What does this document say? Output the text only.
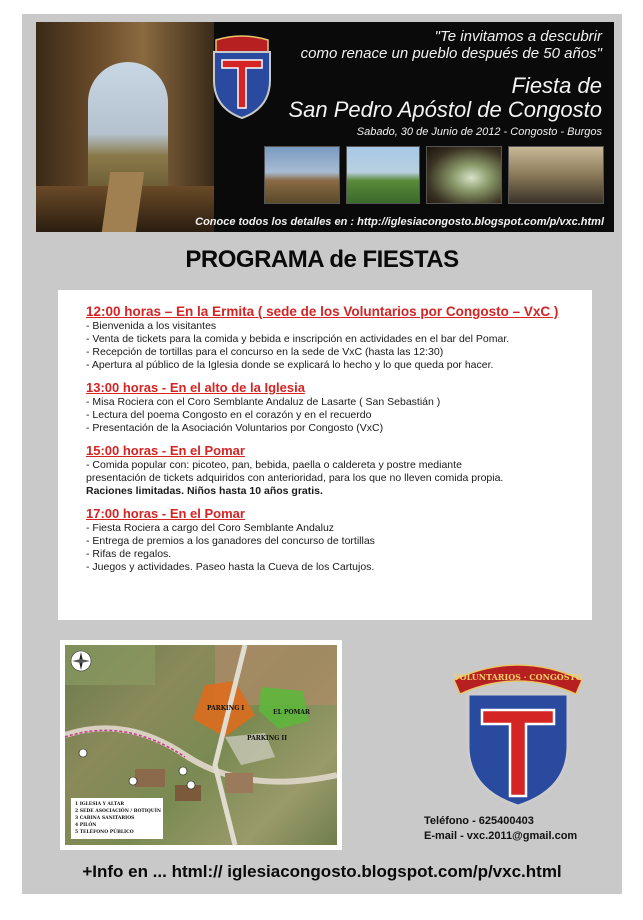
"Te invitamos a descubrir
como renace un pueblo después de 50 años"
Fiesta de
San Pedro Apóstol de Congosto
Sabado, 30 de Junio de 2012 - Congosto - Burgos
Conoce todos los detalles en : http://iglesiacongosto.blogspot.com/p/vxc.html
PROGRAMA de FIESTAS
12:00 horas – En la Ermita ( sede de los Voluntarios por Congosto – VxC )
- Bienvenida a los visitantes
- Venta de tickets para la comida y bebida e inscripción en actividades en el bar del Pomar.
- Recepción de tortillas para el concurso en la sede de VxC (hasta las 12:30)
- Apertura al público de la Iglesia donde se explicará lo hecho y lo que queda por hacer.
13:00 horas - En el alto de la Iglesia
- Misa Rociera con el Coro Semblante Andaluz de Lasarte ( San Sebastián )
- Lectura del poema Congosto en el corazón y en el recuerdo
- Presentación de la Asociación Voluntarios por Congosto (VxC)
15:00 horas - En el Pomar
- Comida popular con: picoteo, pan, bebida, paella o caldereta y postre mediante
presentación de tickets adquiridos con anterioridad, para los que no lleven comida propia.
Raciones limitadas. Niños hasta 10 años gratis.
17:00 horas - En el Pomar
- Fiesta Rociera a cargo del Coro Semblante Andaluz
- Entrega de premios a los ganadores del concurso de tortillas
- Rifas de regalos.
- Juegos y actividades. Paseo hasta la Cueva de los Cartujos.
PARKING I
PARKING II
EL POMAR
1 IGLESIA Y ALTAR
2 SEDE ASOCIACIÓN / BOTIQUÍN
3 CABINA SANITARIOS
4 PILÓN
5 TELÉFONO PÚBLICO
VOLUNTARIOS · CONGOSTO
Teléfono - 625400403
E-mail - vxc.2011@gmail.com
+Info en ... html:// iglesiacongosto.blogspot.com/p/vxc.html
